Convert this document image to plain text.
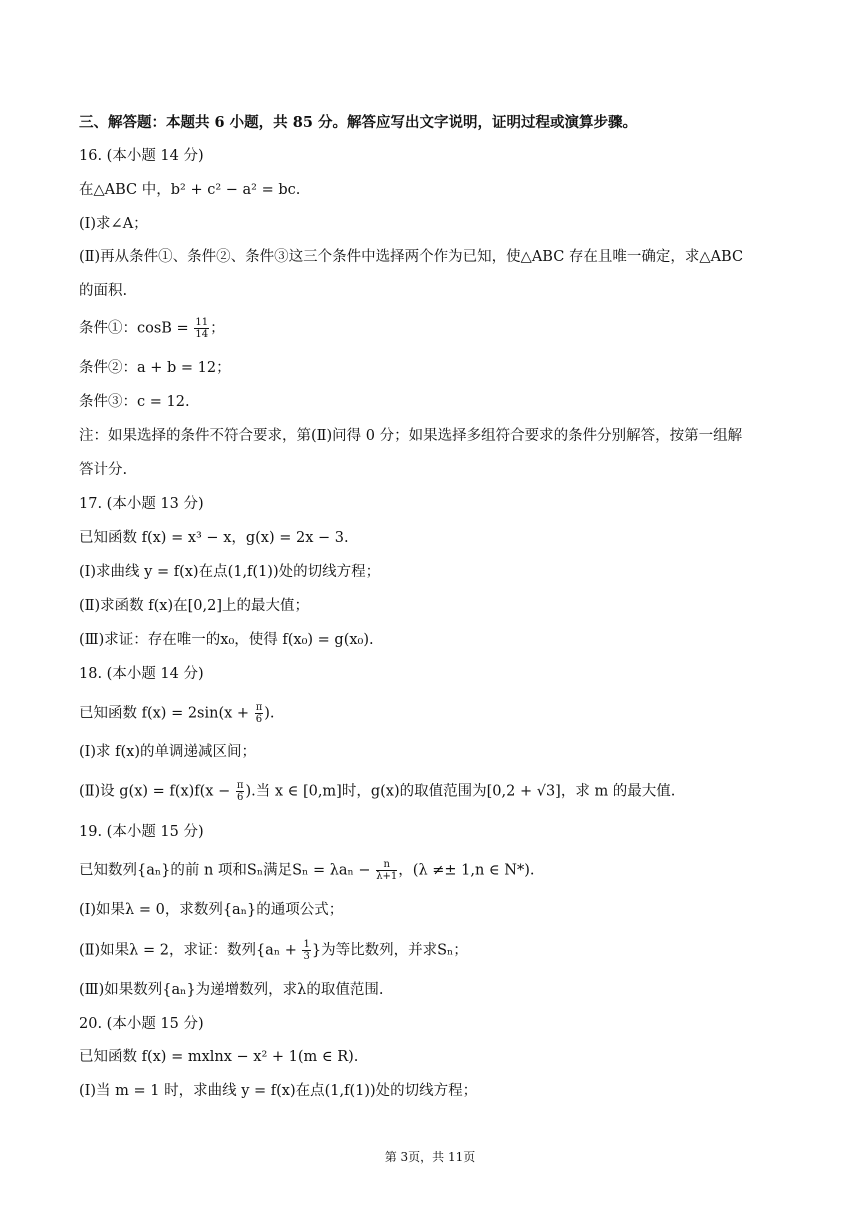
三、解答题：本题共 6 小题，共 85 分。解答应写出文字说明，证明过程或演算步骤。
16. (本小题 14 分)
在△ABC 中，b² + c² − a² = bc.
(Ⅰ)求∠A；
(Ⅱ)再从条件①、条件②、条件③这三个条件中选择两个作为已知，使△ABC 存在且唯一确定，求△ABC
的面积.
条件①：$\cos B = \frac{11}{14}$ ；
条件②：a + b = 12；
条件③：c = 12.
注：如果选择的条件不符合要求，第(Ⅱ)问得 0 分；如果选择多组符合要求的条件分别解答，按第一组解
答计分.
17. (本小题 13 分)
已知函数 f(x) = x³ − x，g(x) = 2x − 3.
(Ⅰ)求曲线 y = f(x)在点(1,f(1))处的切线方程；
(Ⅱ)求函数 f(x)在[0,2]上的最大值；
(Ⅲ)求证：存在唯一的x₀，使得 f(x₀) = g(x₀).
18. (本小题 14 分)
已知函数 $f(x) = 2\sin(x + \frac{\pi}{6}$ ).
(Ⅰ)求 f(x)的单调递减区间；
(Ⅱ)设 $g(x) = f(x)f(x - \frac{\pi}{6}$ ).当 x ∈ [0,m]时，g(x)的取值范围为[0,2 + √3]，求 m 的最大值.
19. (本小题 15 分)
已知数列{aₙ}的前 n 项和Sₙ满足$S_n = \lambda a_n - \frac{n}{\lambda+1}$ ，(λ ≠± 1,n ∈ N*).
(Ⅰ)如果λ = 0，求数列{aₙ}的通项公式；
(Ⅱ)如果λ = 2，求证：数列{$a_n + \frac{1}{3}$ }为等比数列，并求Sₙ；
(Ⅲ)如果数列{aₙ}为递增数列，求λ的取值范围.
20. (本小题 15 分)
已知函数 f(x) = mxlnx − x² + 1(m ∈ R).
(Ⅰ)当 m = 1 时，求曲线 y = f(x)在点(1,f(1))处的切线方程；
第 3页，共 11页
